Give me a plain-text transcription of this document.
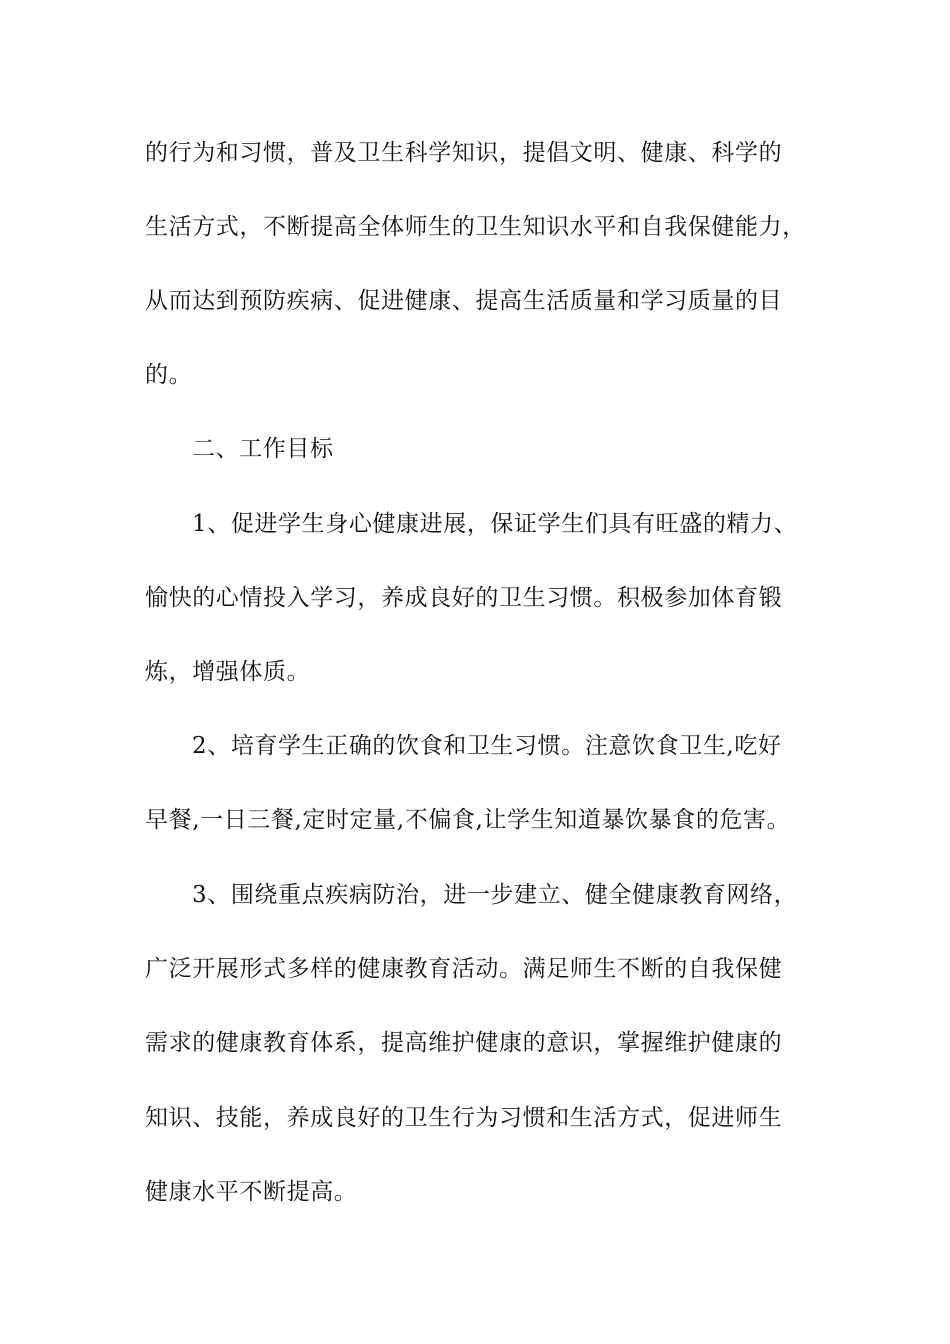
的行为和习惯，普及卫生科学知识，提倡文明、健康、科学的
生活方式，不断提高全体师生的卫生知识水平和自我保健能力，
从而达到预防疾病、促进健康、提高生活质量和学习质量的目
的。
二、工作目标
1、促进学生身心健康进展，保证学生们具有旺盛的精力、
愉快的心情投入学习，养成良好的卫生习惯。积极参加体育锻
炼，增强体质。
2、培育学生正确的饮食和卫生习惯。注意饮食卫生,吃好
早餐,一日三餐,定时定量,不偏食,让学生知道暴饮暴食的危害。
3、围绕重点疾病防治，进一步建立、健全健康教育网络，
广泛开展形式多样的健康教育活动。满足师生不断的自我保健
需求的健康教育体系，提高维护健康的意识，掌握维护健康的
知识、技能，养成良好的卫生行为习惯和生活方式，促进师生
健康水平不断提高。
